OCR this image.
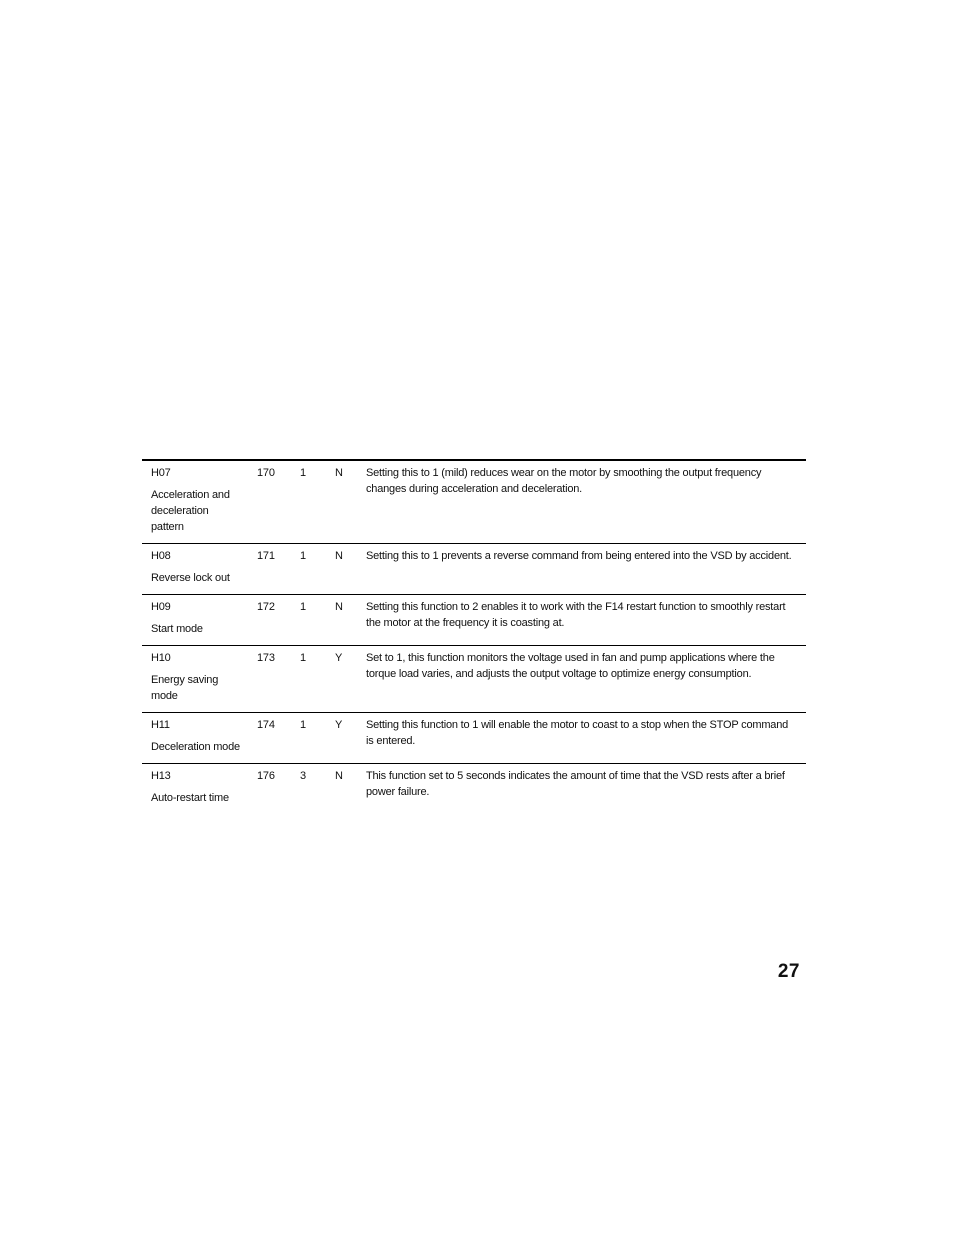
H07
Acceleration and deceleration pattern	170	1	N	Setting this to 1 (mild) reduces wear on the motor by smoothing the output frequency changes during acceleration and deceleration.

H08
Reverse lock out	171	1	N	Setting this to 1 prevents a reverse command from being entered into the VSD by accident.

H09
Start mode	172	1	N	Setting this function to 2 enables it to work with the F14 restart function to smoothly restart the motor at the frequency it is coasting at.

H10
Energy saving mode	173	1	Y	Set to 1, this function monitors the voltage used in fan and pump applications where the torque load varies, and adjusts the output voltage to optimize energy consumption.

H11
Deceleration mode	174	1	Y	Setting this function to 1 will enable the motor to coast to a stop when the STOP command is entered.

H13
Auto-restart time	176	3	N	This function set to 5 seconds indicates the amount of time that the VSD rests after a brief power failure.
27
